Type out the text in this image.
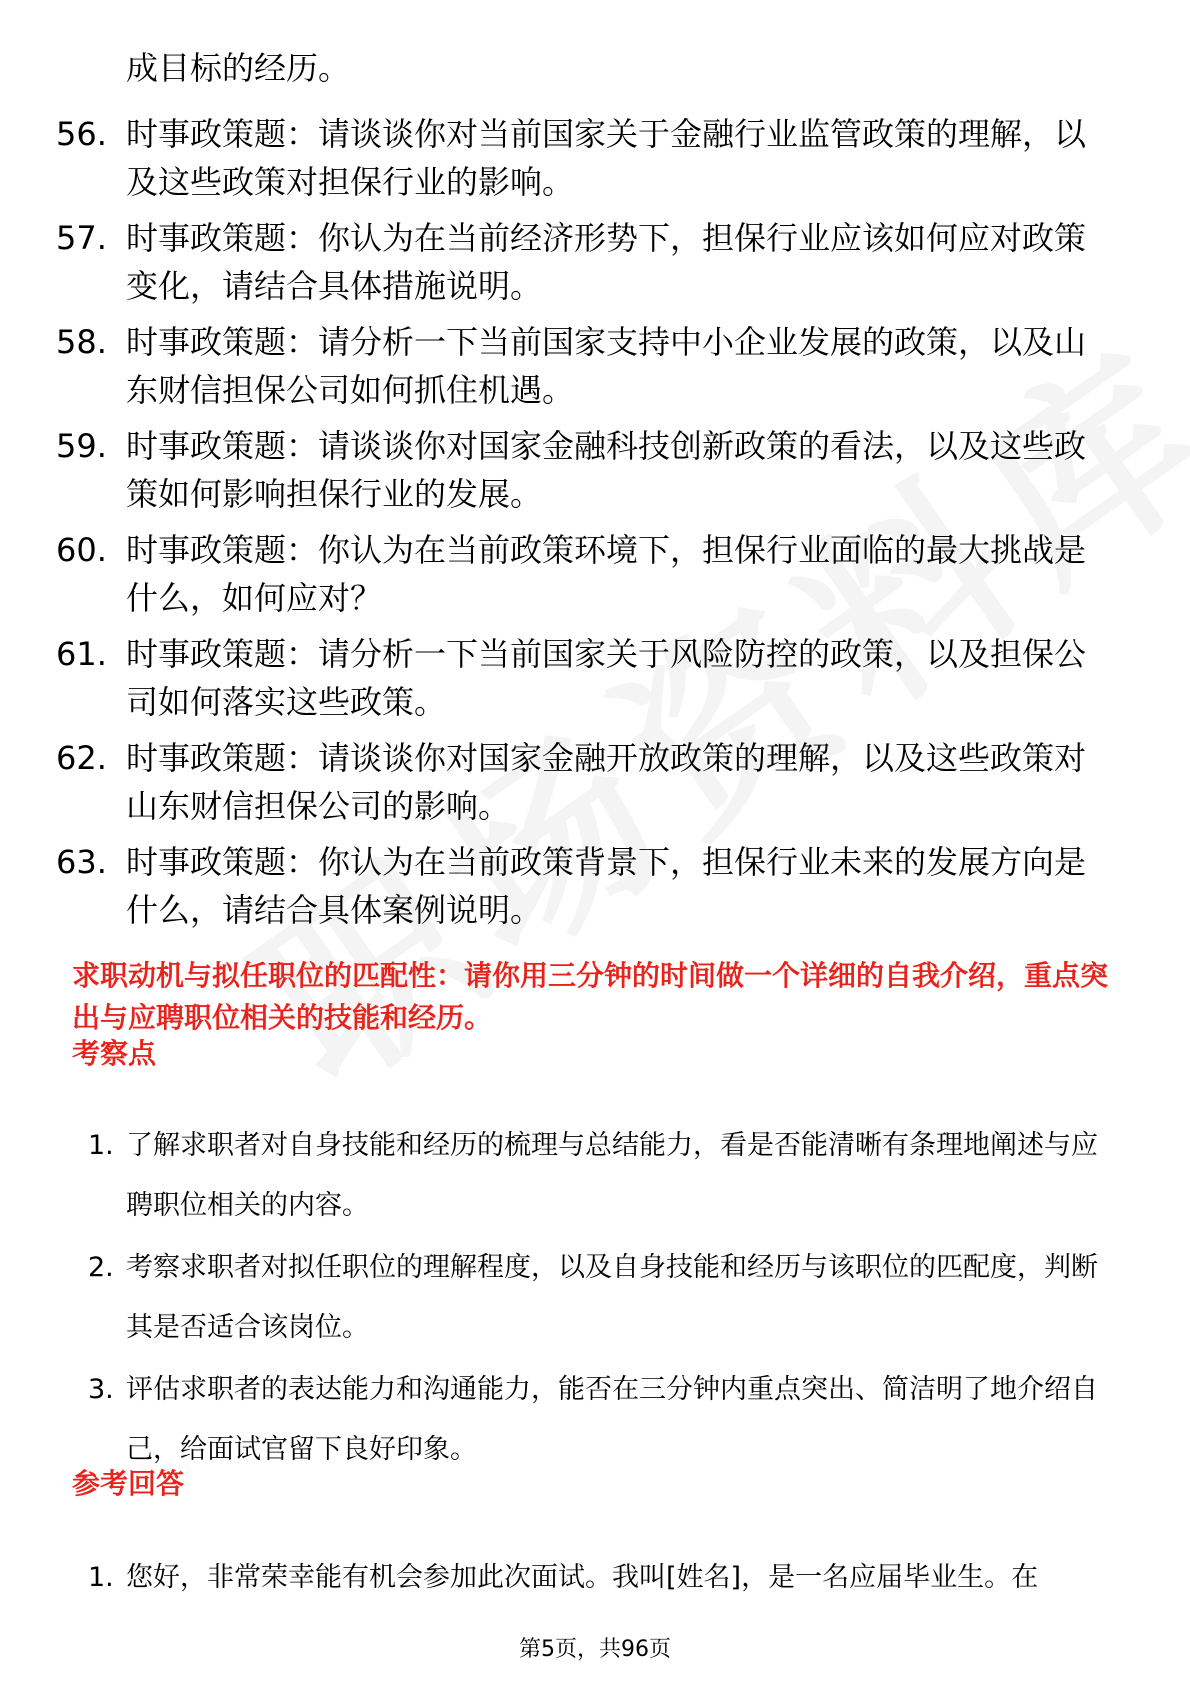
成目标的经历。
56. 时事政策题：请谈谈你对当前国家关于金融行业监管政策的理解，以及这些政策对担保行业的影响。
57. 时事政策题：你认为在当前经济形势下，担保行业应该如何应对政策变化，请结合具体措施说明。
58. 时事政策题：请分析一下当前国家支持中小企业发展的政策，以及山东财信担保公司如何抓住机遇。
59. 时事政策题：请谈谈你对国家金融科技创新政策的看法，以及这些政策如何影响担保行业的发展。
60. 时事政策题：你认为在当前政策环境下，担保行业面临的最大挑战是什么，如何应对？
61. 时事政策题：请分析一下当前国家关于风险防控的政策，以及担保公司如何落实这些政策。
62. 时事政策题：请谈谈你对国家金融开放政策的理解，以及这些政策对山东财信担保公司的影响。
63. 时事政策题：你认为在当前政策背景下，担保行业未来的发展方向是什么，请结合具体案例说明。
求职动机与拟任职位的匹配性：请你用三分钟的时间做一个详细的自我介绍，重点突出与应聘职位相关的技能和经历。
考察点
1. 了解求职者对自身技能和经历的梳理与总结能力，看是否能清晰有条理地阐述与应聘职位相关的内容。
2. 考察求职者对拟任职位的理解程度，以及自身技能和经历与该职位的匹配度，判断其是否适合该岗位。
3. 评估求职者的表达能力和沟通能力，能否在三分钟内重点突出、简洁明了地介绍自己，给面试官留下良好印象。
参考回答
1. 您好，非常荣幸能有机会参加此次面试。我叫[姓名]，是一名应届毕业生。在
第5页，共96页
